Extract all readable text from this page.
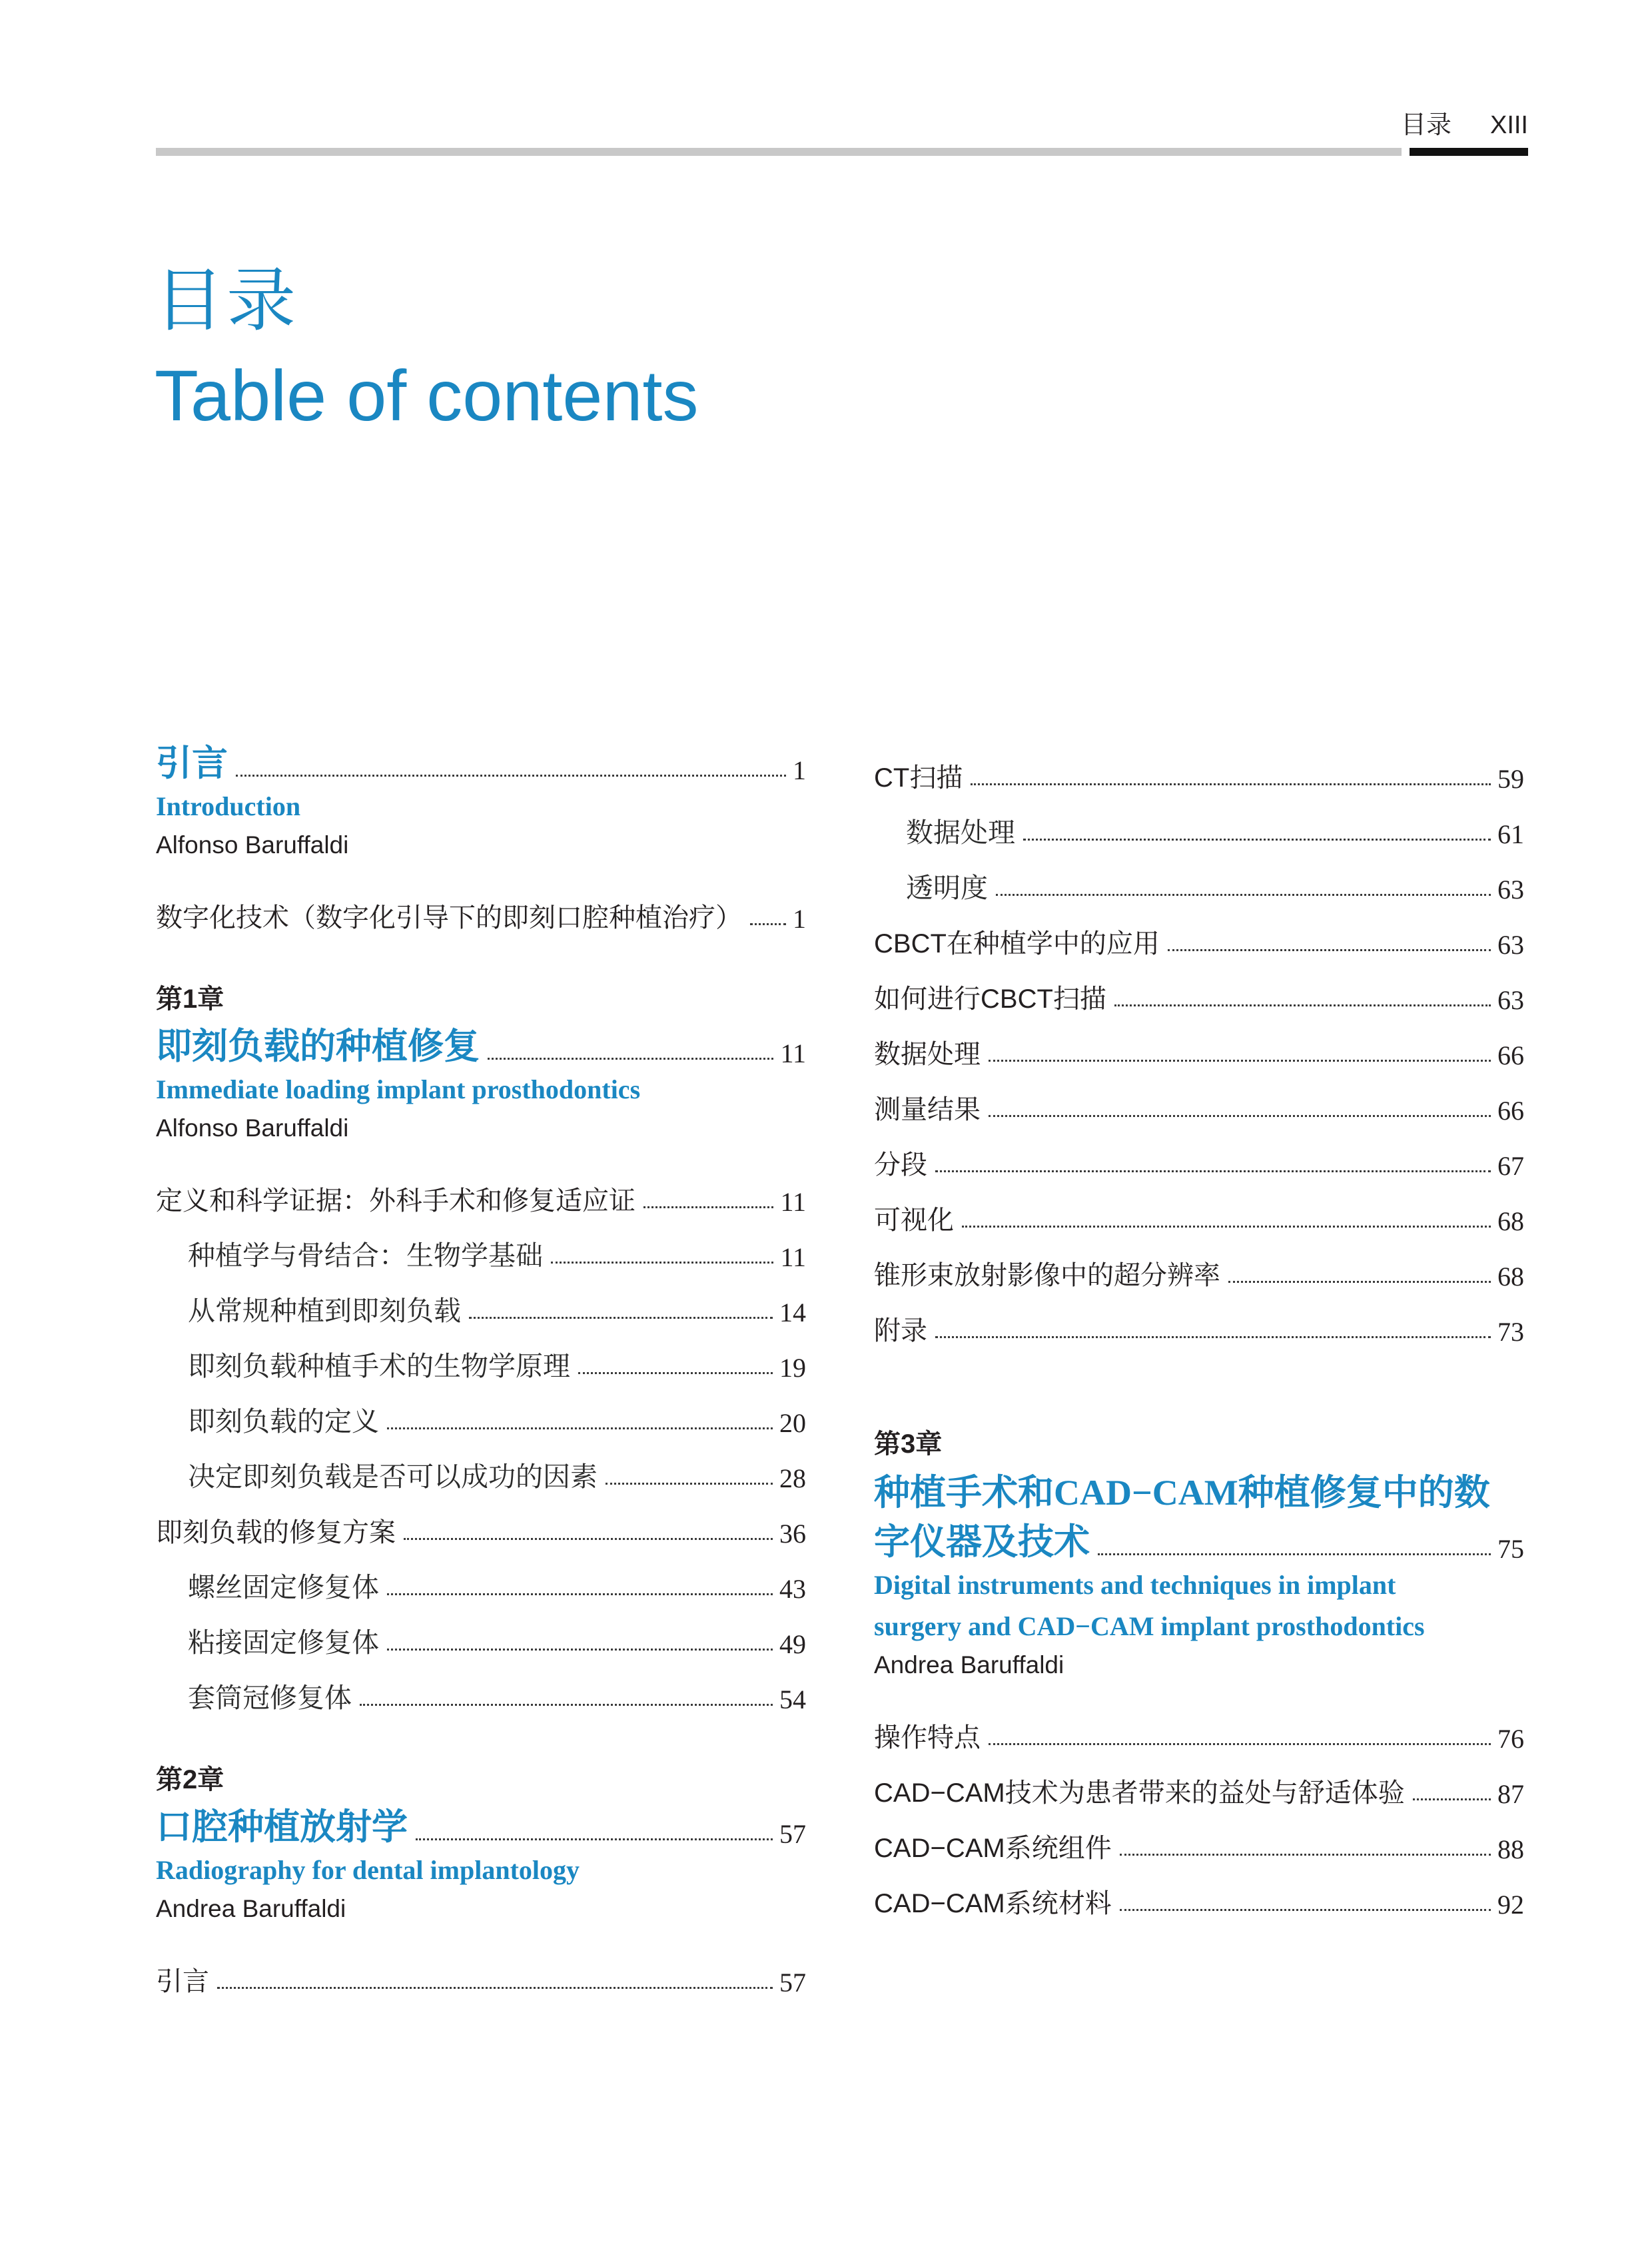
目录 XIII
目录
Table of contents
引言	1
Introduction
Alfonso Baruffaldi
数字化技术（数字化引导下的即刻口腔种植治疗） 1
第1章
即刻负载的种植修复	11
Immediate loading implant prosthodontics
Alfonso Baruffaldi
定义和科学证据：外科手术和修复适应证	11
种植学与骨结合：生物学基础	11
从常规种植到即刻负载	14
即刻负载种植手术的生物学原理	19
即刻负载的定义	20
决定即刻负载是否可以成功的因素	28
即刻负载的修复方案	36
螺丝固定修复体	43
粘接固定修复体	49
套筒冠修复体	54
第2章
口腔种植放射学	57
Radiography for dental implantology
Andrea Baruffaldi
引言	57
CT扫描	59
数据处理	61
透明度	63
CBCT在种植学中的应用	63
如何进行CBCT扫描	63
数据处理	66
测量结果	66
分段	67
可视化	68
锥形束放射影像中的超分辨率	68
附录	73
第3章
种植手术和CAD−CAM种植修复中的数
字仪器及技术	75
Digital instruments and techniques in implant
surgery and CAD−CAM implant prosthodontics
Andrea Baruffaldi
操作特点	76
CAD−CAM技术为患者带来的益处与舒适体验	87
CAD−CAM系统组件	88
CAD−CAM系统材料	92
